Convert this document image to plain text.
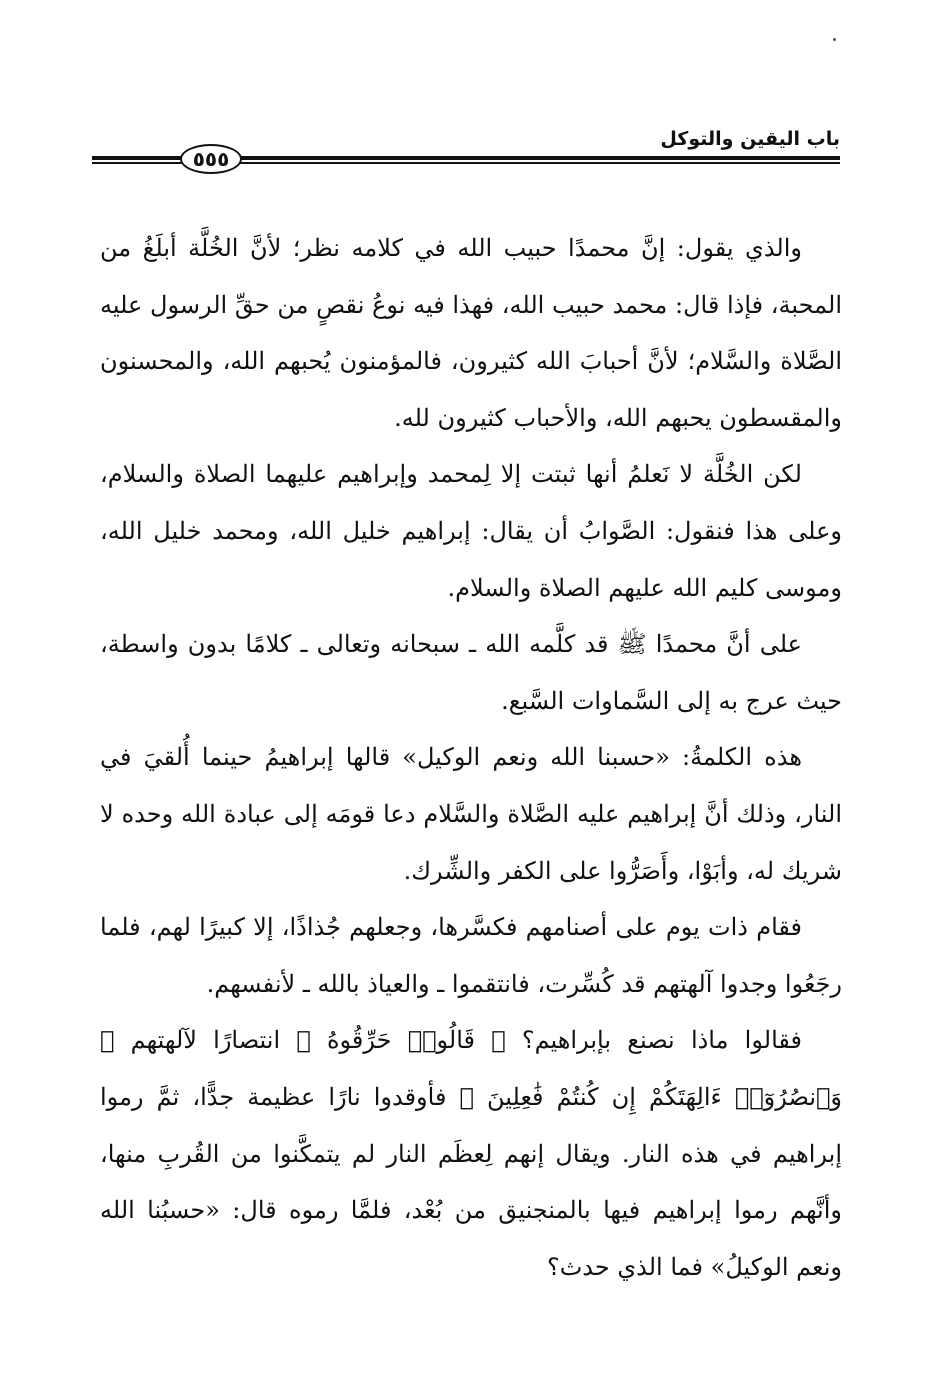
باب اليقين والتوكل
٥٥٥

والذي يقول: إنَّ محمدًا حبيب الله في كلامه نظر؛ لأنَّ الخُلَّة أبلَغُ من المحبة، فإذا قال: محمد حبيب الله، فهذا فيه نوعُ نقصٍ من حقِّ الرسول عليه الصَّلاة والسَّلام؛ لأنَّ أحبابَ الله كثيرون، فالمؤمنون يُحبهم الله، والمحسنون والمقسطون يحبهم الله، والأحباب كثيرون لله.

لكن الخُلَّة لا نَعلمُ أنها ثبتت إلا لِمحمد وإبراهيم عليهما الصلاة والسلام، وعلى هذا فنقول: الصَّوابُ أن يقال: إبراهيم خليل الله، ومحمد خليل الله، وموسى كليم الله عليهم الصلاة والسلام.

على أنَّ محمدًا ﷺ قد كلَّمه الله ـ سبحانه وتعالى ـ كلامًا بدون واسطة، حيث عرج به إلى السَّماوات السَّبع.

هذه الكلمةُ: «حسبنا الله ونعم الوكيل» قالها إبراهيمُ حينما أُلقيَ في النار، وذلك أنَّ إبراهيم عليه الصَّلاة والسَّلام دعا قومَه إلى عبادة الله وحده لا شريك له، وأبَوْا، وأَصَرُّوا على الكفر والشِّرك.

فقام ذات يوم على أصنامهم فكسَّرها، وجعلهم جُذاذًا، إلا كبيرًا لهم، فلما رجَعُوا وجدوا آلهتهم قد كُسِّرت، فانتقموا ـ والعياذ بالله ـ لأنفسهم.

فقالوا ماذا نصنع بإبراهيم؟ ﴿ قَالُوا۟ حَرِّقُوهُ ﴾ انتصارًا لآلهتهم ﴿ وَٱنصُرُوٓا۟ ءَالِهَتَكُمْ إِن كُنتُمْ فَٰعِلِينَ ﴾ فأوقدوا نارًا عظيمة جدًّا، ثمَّ رموا إبراهيم في هذه النار. ويقال إنهم لِعظَم النار لم يتمكَّنوا من القُربِ منها، وأنَّهم رموا إبراهيم فيها بالمنجنيق من بُعْد، فلمَّا رموه قال: «حسبُنا الله ونعم الوكيلُ» فما الذي حدث؟
